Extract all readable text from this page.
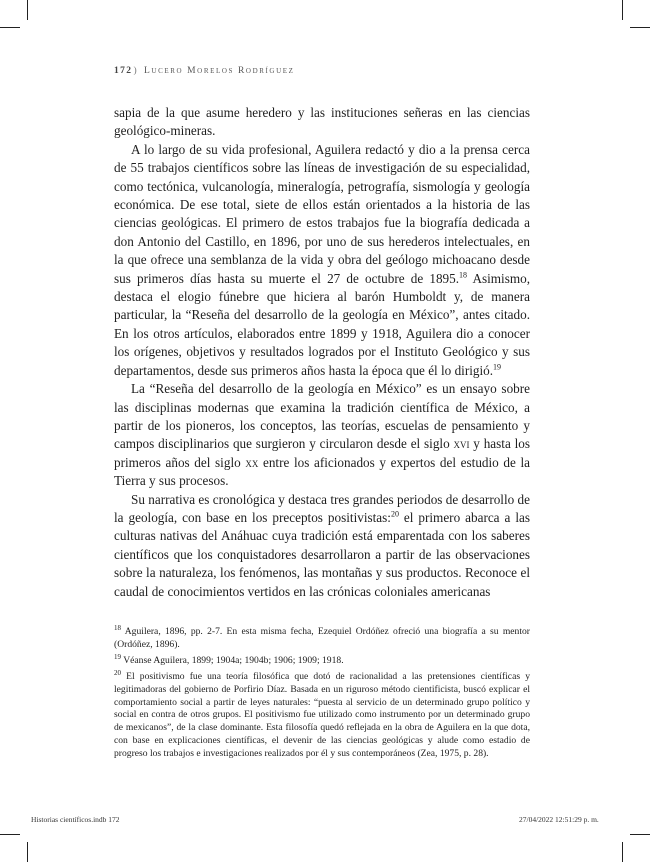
172) Lucero Morelos Rodríguez

sapia de la que asume heredero y las instituciones señeras en las ciencias geológico-mineras.

A lo largo de su vida profesional, Aguilera redactó y dio a la prensa cerca de 55 trabajos científicos sobre las líneas de investigación de su especialidad, como tectónica, vulcanología, mineralogía, petrografía, sismología y geología económica. De ese total, siete de ellos están orientados a la historia de las ciencias geológicas. El primero de estos trabajos fue la biografía dedicada a don Antonio del Castillo, en 1896, por uno de sus herederos intelectuales, en la que ofrece una semblanza de la vida y obra del geólogo michoacano desde sus primeros días hasta su muerte el 27 de octubre de 1895.18 Asimismo, destaca el elogio fúnebre que hiciera al barón Humboldt y, de manera particular, la “Reseña del desarrollo de la geología en México”, antes citado. En los otros artículos, elaborados entre 1899 y 1918, Aguilera dio a conocer los orígenes, objetivos y resultados logrados por el Instituto Geológico y sus departamentos, desde sus primeros años hasta la época que él lo dirigió.$^{19}$

La “Reseña del desarrollo de la geología en México” es un ensayo sobre las disciplinas modernas que examina la tradición científica de México, a partir de los pioneros, los conceptos, las teorías, escuelas de pensamiento y campos disciplinarios que surgieron y circularon desde el siglo xvi y hasta los primeros años del siglo xx entre los aficionados y expertos del estudio de la Tierra y sus procesos.

Su narrativa es cronológica y destaca tres grandes periodos de desarrollo de la geología, con base en los preceptos positivistas:$^{20}$ el primero abarca a las culturas nativas del Anáhuac cuya tradición está emparentada con los saberes científicos que los conquistadores desarrollaron a partir de las observaciones sobre la naturaleza, los fenómenos, las montañas y sus productos. Reconoce el caudal de conocimientos vertidos en las crónicas coloniales americanas

$^{18}$ Aguilera, 1896, pp. 2-7. En esta misma fecha, Ezequiel Ordóñez ofreció una biografía a su mentor (Ordóñez, 1896).

$^{19}$ Véanse Aguilera, 1899; 1904a; 1904b; 1906; 1909; 1918.

$^{20}$ El positivismo fue una teoría filosófica que dotó de racionalidad a las pretensiones científicas y legitimadoras del gobierno de Porfirio Díaz. Basada en un riguroso método cientificista, buscó explicar el comportamiento social a partir de leyes naturales: “puesta al servicio de un determinado grupo político y social en contra de otros grupos. El positivismo fue utilizado como instrumento por un determinado grupo de mexicanos”, de la clase dominante. Esta filosofía quedó reflejada en la obra de Aguilera en la que dota, con base en explicaciones científicas, el devenir de las ciencias geológicas y alude como estadio de progreso los trabajos e investigaciones realizados por él y sus contemporáneos (Zea, 1975, p. 28).

Historias científicos.indb 172	27/04/2022 12:51:29 p. m.
